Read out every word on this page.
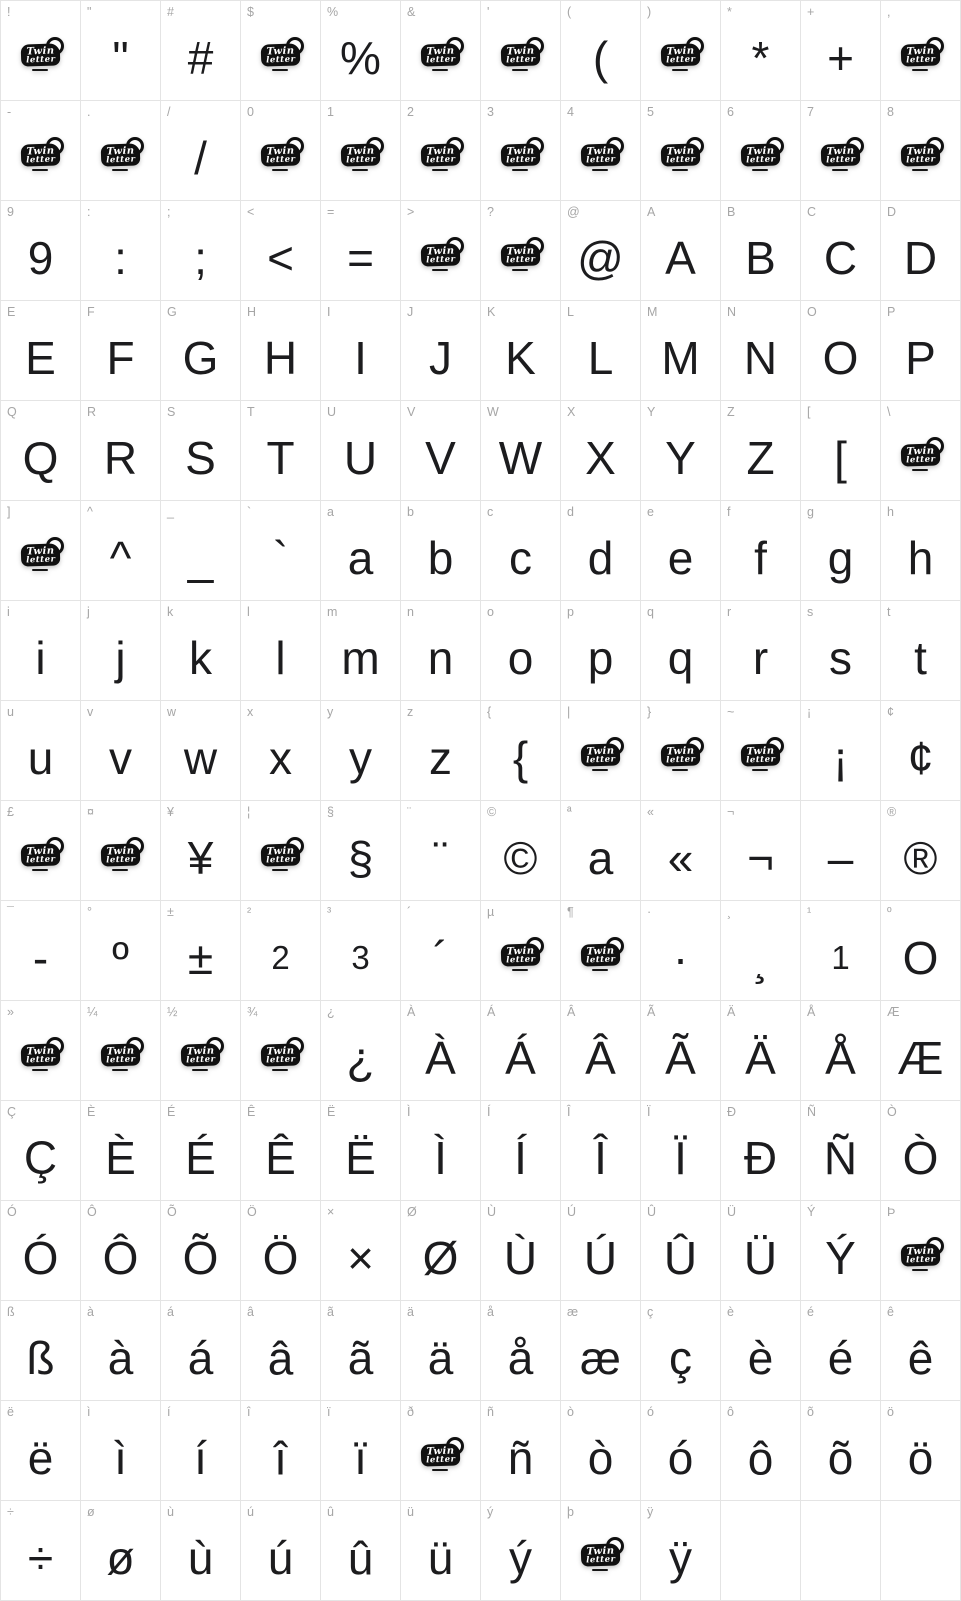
!
Twin
letter
"
"
#
#
$
Twin
letter
%
%
&
Twin
letter
'
Twin
letter
(
(
)
Twin
letter
*
*
+
+
,
Twin
letter
-
Twin
letter
.
Twin
letter
/
/
0
Twin
letter
1
Twin
letter
2
Twin
letter
3
Twin
letter
4
Twin
letter
5
Twin
letter
6
Twin
letter
7
Twin
letter
8
Twin
letter
9
9
:
:
;
;
<
<
=
=
>
Twin
letter
?
Twin
letter
@
@
A
A
B
B
C
C
D
D
E
E
F
F
G
G
H
H
I
I
J
J
K
K
L
L
M
M
N
N
O
O
P
P
Q
Q
R
R
S
S
T
T
U
U
V
V
W
W
X
X
Y
Y
Z
Z
[
[
\
Twin
letter
]
Twin
letter
^
^
_
_
`
`
a
a
b
b
c
c
d
d
e
e
f
f
g
g
h
h
i
i
j
j
k
k
l
l
m
m
n
n
o
o
p
p
q
q
r
r
s
s
t
t
u
u
v
v
w
w
x
x
y
y
z
z
{
{
|
Twin
letter
}
Twin
letter
~
Twin
letter
¡
¡
¢
¢
£
Twin
letter
¤
Twin
letter
¥
¥
¦
Twin
letter
§
§
¨
¨
©
©
ª
a
«
«
¬
¬ –
®
®
¯
-
°
º
±
±
²
2
³
3
´
´
µ
Twin
letter
¶
Twin
letter
·
·
¸
¸
¹
1
º
O
»
Twin
letter
¼
Twin
letter
½
Twin
letter
¾
Twin
letter
¿
¿
À
À
Á
Á
Â
Â
Ã
Ã
Ä
Ä
Å
Å
Æ
Æ
Ç
Ç
È
È
É
É
Ê
Ê
Ë
Ë
Ì
Ì
Í
Í
Î
Î
Ï
Ï
Ð
Ð
Ñ
Ñ
Ò
Ò
Ó
Ó
Ô
Ô
Õ
Õ
Ö
Ö
×
×
Ø
Ø
Ù
Ù
Ú
Ú
Û
Û
Ü
Ü
Ý
Ý
Þ
Twin
letter
ß
ß
à
à
á
á
â
â
ã
ã
ä
ä
å
å
æ
æ
ç
ç
è
è
é
é
ê
ê
ë
ë
ì
ì
í
í
î
î
ï
ï
ð
Twin
letter
ñ
ñ
ò
ò
ó
ó
ô
ô
õ
õ
ö
ö
÷
÷
ø
ø
ù
ù
ú
ú
û
û
ü
ü
ý
ý
þ
Twin
letter
ÿ
ÿ
